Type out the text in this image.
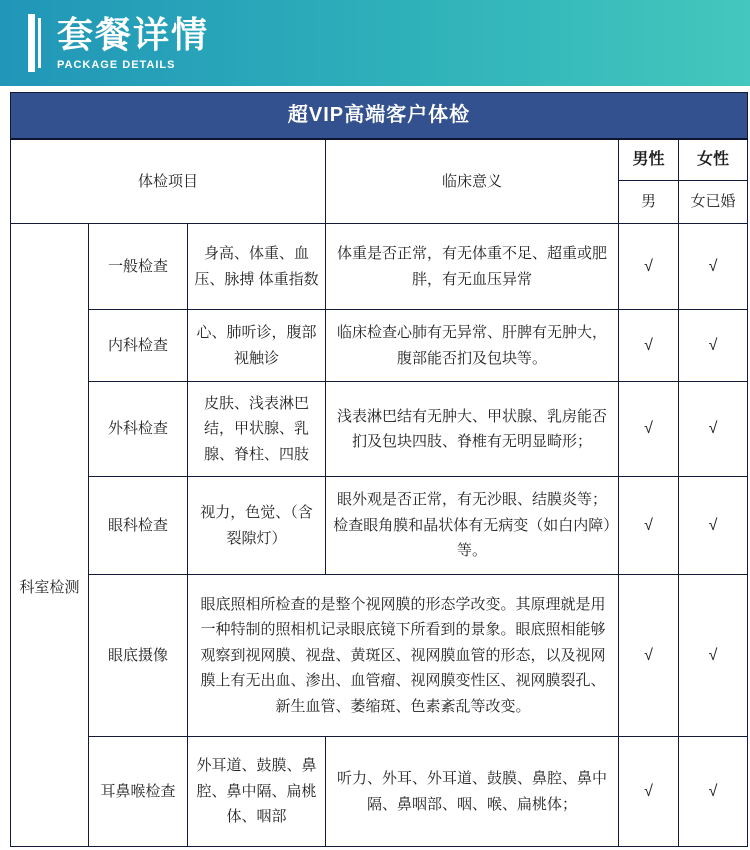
套餐详情
PACKAGE DETAILS
超VIP高端客户体检					
体检项目			临床意义	男性	女性
				男	女已婚
科室检测	一般检查	身高、体重、血压、脉搏 体重指数	体重是否正常，有无体重不足、超重或肥胖，有无血压异常	√	√
	内科检查	心、肺听诊，腹部视触诊	临床检查心肺有无异常、肝脾有无肿大，腹部能否扪及包块等。	√	√
	外科检查	皮肤、浅表淋巴结，甲状腺、乳腺、脊柱、四肢	浅表淋巴结有无肿大、甲状腺、乳房能否扪及包块四肢、脊椎有无明显畸形；	√	√
	眼科检查	视力，色觉、（含裂隙灯）	眼外观是否正常，有无沙眼、结膜炎等；检查眼角膜和晶状体有无病变（如白内障）等。	√	√
	眼底摄像	眼底照相所检查的是整个视网膜的形态学改变。其原理就是用一种特制的照相机记录眼底镜下所看到的景象。眼底照相能够观察到视网膜、视盘、黄斑区、视网膜血管的形态，以及视网膜上有无出血、渗出、血管瘤、视网膜变性区、视网膜裂孔、新生血管、萎缩斑、色素紊乱等改变。		√	√
	耳鼻喉检查	外耳道、鼓膜、鼻腔、鼻中隔、扁桃体、咽部	听力、外耳、外耳道、鼓膜、鼻腔、鼻中隔、鼻咽部、咽、喉、扁桃体；	√	√
